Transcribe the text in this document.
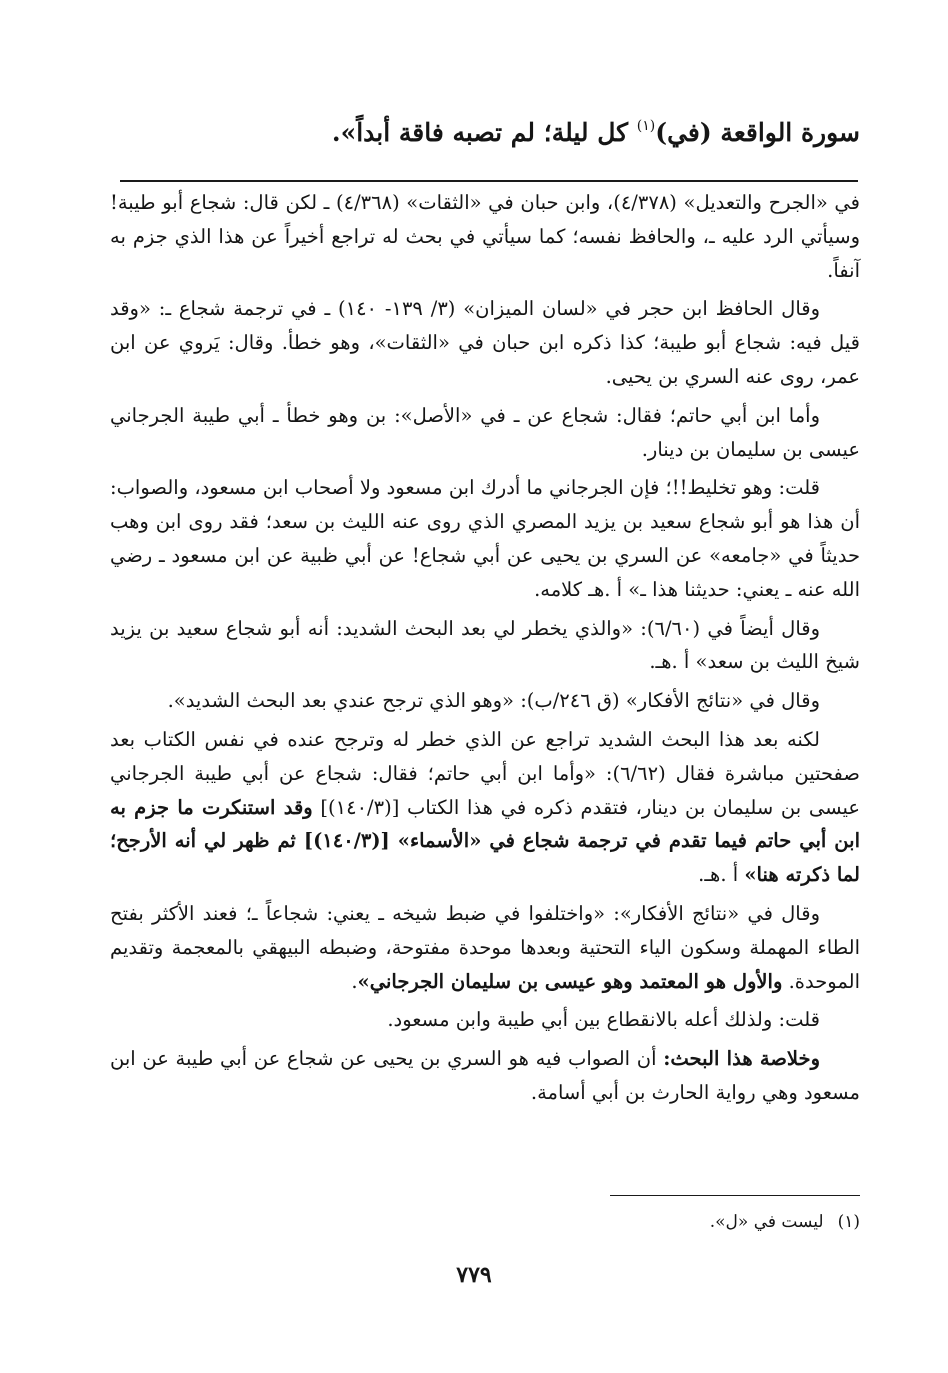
سورة الواقعة (في)$^{(١)}$ كل ليلة؛ لم تصبه فاقة أبداً».

في «الجرح والتعديل» (٤/٣٧٨)، وابن حبان في «الثقات» (٤/٣٦٨) ـ لكن قال: شجاع أبو طيبة! وسيأتي الرد عليه ـ، والحافظ نفسه؛ كما سيأتي في بحث له تراجع أخيراً عن هذا الذي جزم به آنفاً.

وقال الحافظ ابن حجر في «لسان الميزان» (٣/ ١٣٩- ١٤٠) ـ في ترجمة شجاع ـ: «وقد قيل فيه: شجاع أبو طيبة؛ كذا ذكره ابن حبان في «الثقات»، وهو خطأ. وقال: يَروي عن ابن عمر، روى عنه السري بن يحيى.

وأما ابن أبي حاتم؛ فقال: شجاع عن ـ في «الأصل»: بن وهو خطأ ـ أبي طيبة الجرجاني عيسى بن سليمان بن دينار.

قلت: وهو تخليط!!؛ فإن الجرجاني ما أدرك ابن مسعود ولا أصحاب ابن مسعود، والصواب: أن هذا هو أبو شجاع سعيد بن يزيد المصري الذي روى عنه الليث بن سعد؛ فقد روى ابن وهب حديثاً في «جامعه» عن السري بن يحيى عن أبي شجاع! عن أبي ظبية عن ابن مسعود ـ رضي الله عنه ـ يعني: حديثنا هذا ـ» أ .هـ كلامه.

وقال أيضاً في (٦/٦٠): «والذي يخطر لي بعد البحث الشديد: أنه أبو شجاع سعيد بن يزيد شيخ الليث بن سعد» أ .هـ.

وقال في «نتائج الأفكار» (ق ٢٤٦/ب): «وهو الذي ترجح عندي بعد البحث الشديد».

لكنه بعد هذا البحث الشديد تراجع عن الذي خطر له وترجح عنده في نفس الكتاب بعد صفحتين مباشرة فقال (٦/٦٢): «وأما ابن أبي حاتم؛ فقال: شجاع عن أبي طيبة الجرجاني عيسى بن سليمان بن دينار، فتقدم ذكره في هذا الكتاب [(١٤٠/٣)] وقد استنكرت ما جزم به ابن أبي حاتم فيما تقدم في ترجمة شجاع في «الأسماء» [(١٤٠/٣)] ثم ظهر لي أنه الأرجح؛ لما ذكرته هنا» أ .هـ.

وقال في «نتائج الأفكار»: «واختلفوا في ضبط شيخه ـ يعني: شجاعاً ـ؛ فعند الأكثر بفتح الطاء المهملة وسكون الياء التحتية وبعدها موحدة مفتوحة، وضبطه البيهقي بالمعجمة وتقديم الموحدة. والأول هو المعتمد وهو عيسى بن سليمان الجرجاني».

قلت: ولذلك أعله بالانقطاع بين أبي طيبة وابن مسعود.

وخلاصة هذا البحث: أن الصواب فيه هو السري بن يحيى عن شجاع عن أبي طيبة عن ابن مسعود وهي رواية الحارث بن أبي أسامة.

(١)ليست في «ل».
٧٧٩
